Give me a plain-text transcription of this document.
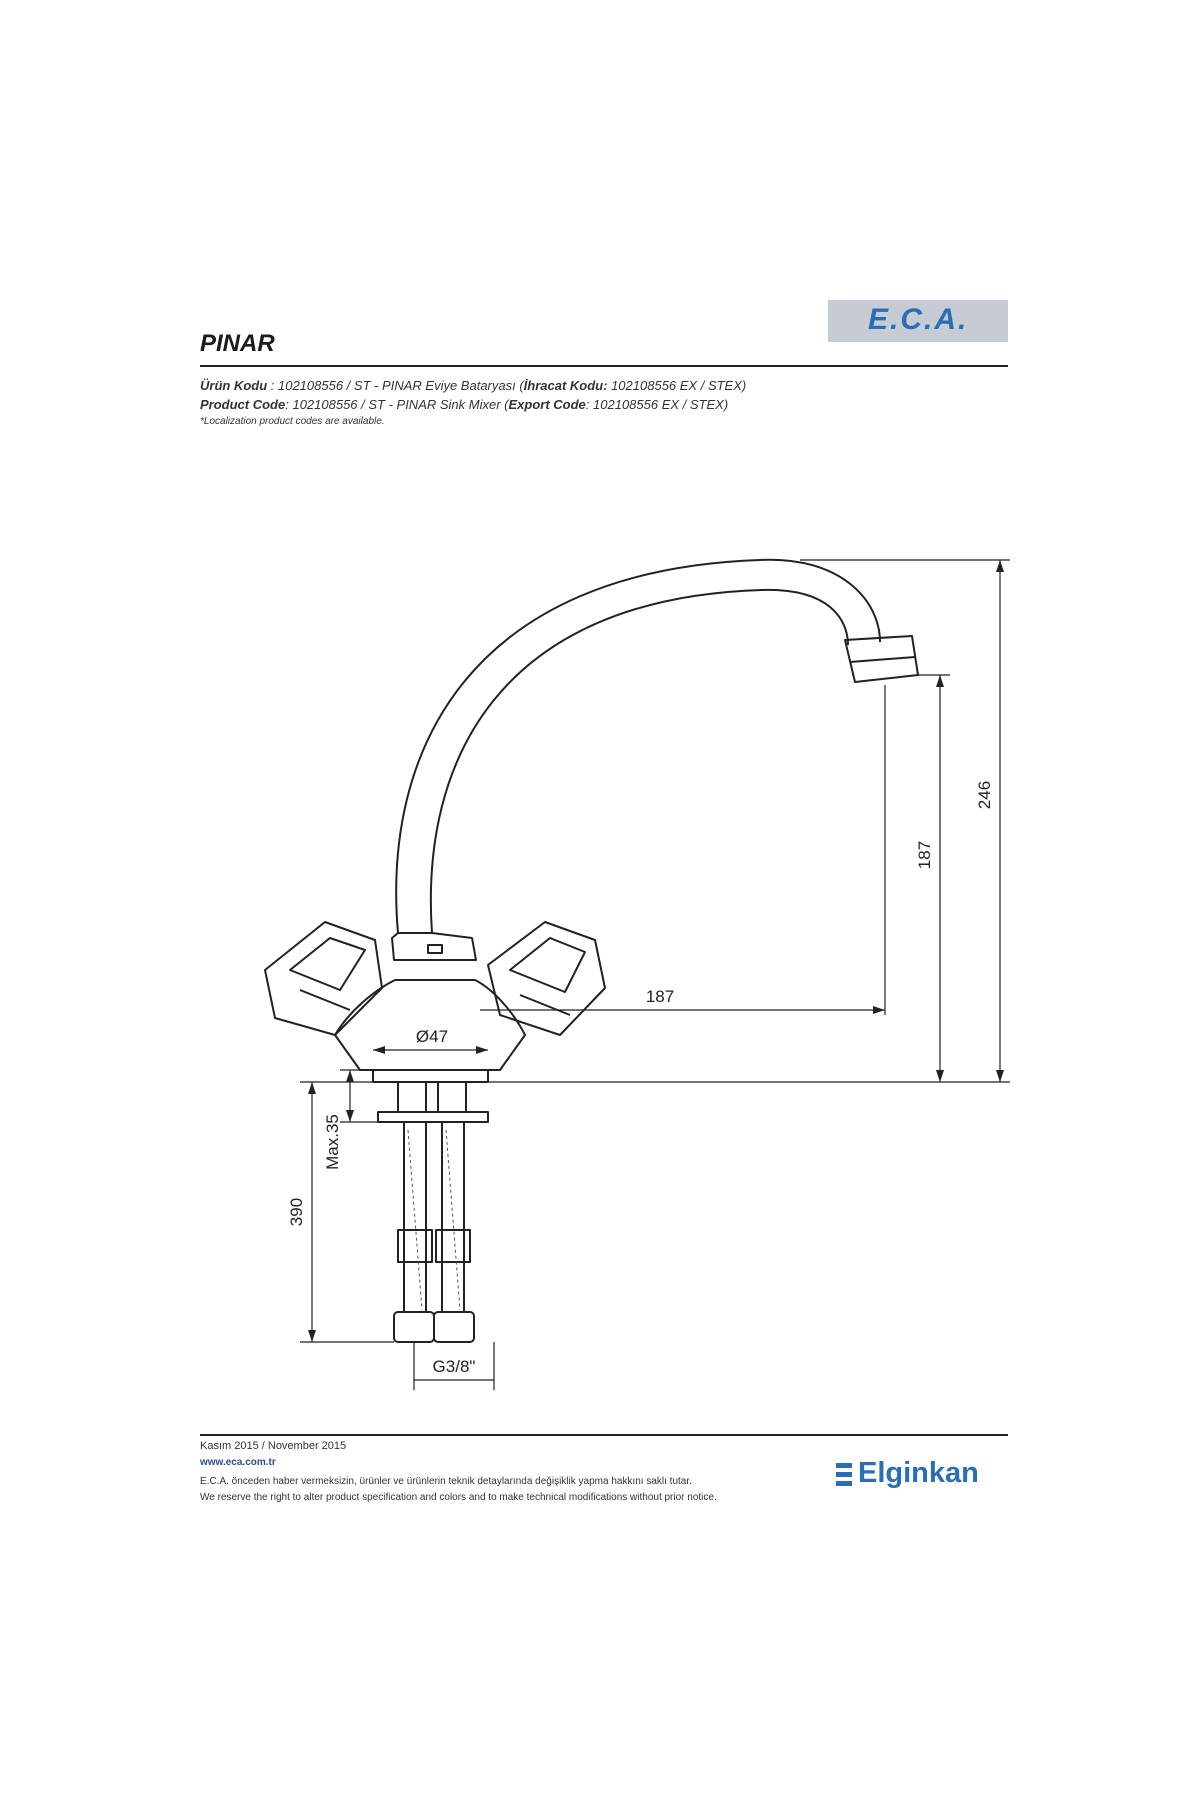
E.C.A.
PINAR
Ürün Kodu : 102108556 / ST - PINAR Eviye Bataryası (İhracat Kodu: 102108556 EX / STEX)
Product Code: 102108556 / ST - PINAR Sink Mixer (Export Code: 102108556 EX / STEX)
*Localization product codes are available.
246
187
187
Ø47
Max.35
390
G3/8"
Kasım 2015 / November 2015
www.eca.com.tr
E.C.A. önceden haber vermeksizin, ürünler ve ürünlerin teknik detaylarında değişiklik yapma hakkını saklı tutar.
We reserve the right to alter product specification and colors and to make technical modifications without prior notice.
Elginkan
